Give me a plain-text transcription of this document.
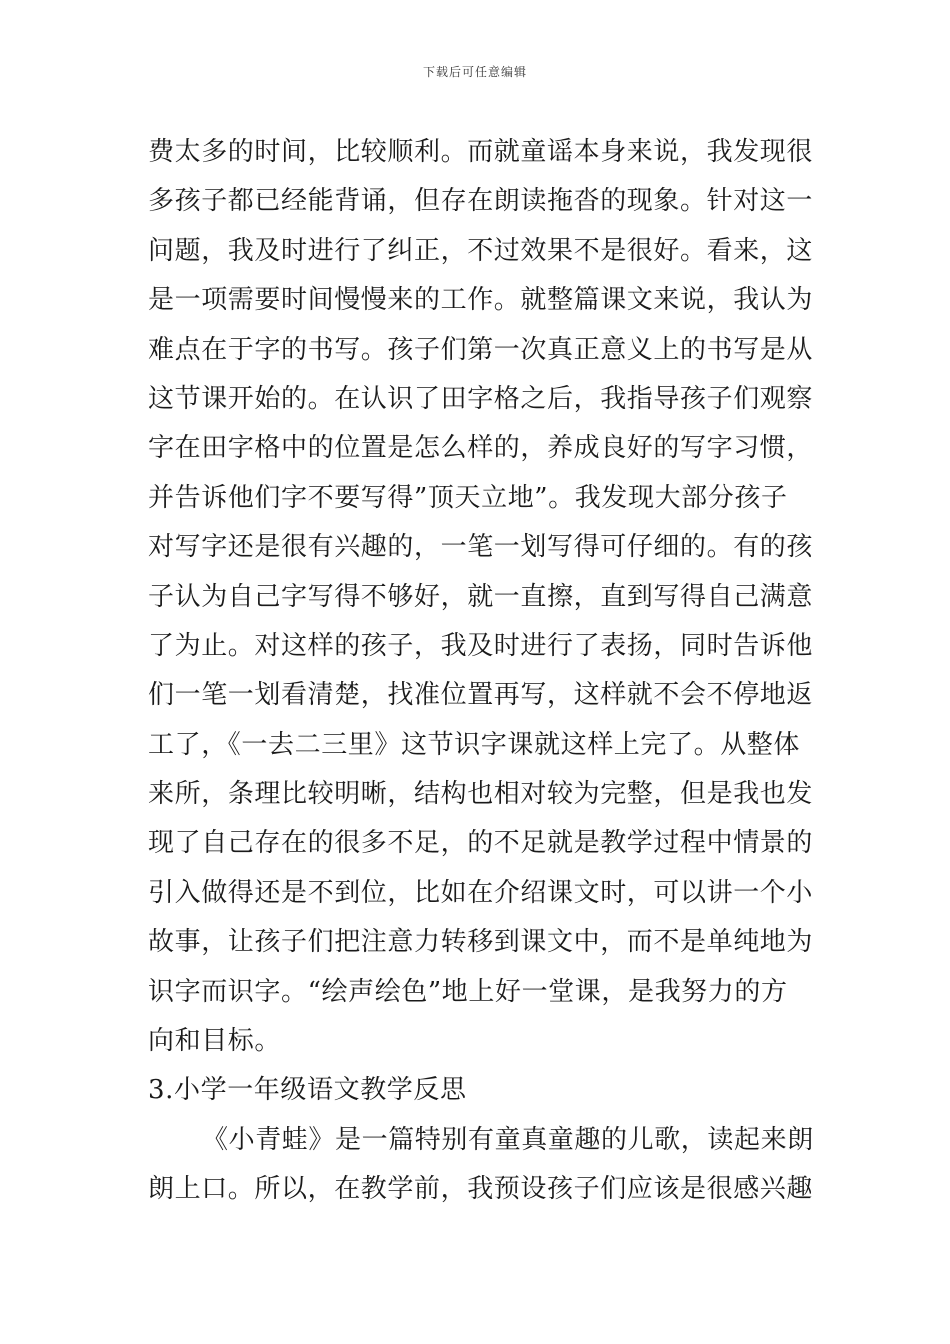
下载后可任意编辑
费太多的时间，比较顺利。而就童谣本身来说，我发现很
多孩子都已经能背诵，但存在朗读拖沓的现象。针对这一
问题，我及时进行了纠正，不过效果不是很好。看来，这
是一项需要时间慢慢来的工作。就整篇课文来说，我认为
难点在于字的书写。孩子们第一次真正意义上的书写是从
这节课开始的。在认识了田字格之后，我指导孩子们观察
字在田字格中的位置是怎么样的，养成良好的写字习惯，
并告诉他们字不要写得”顶天立地”。我发现大部分孩子
对写字还是很有兴趣的，一笔一划写得可仔细的。有的孩
子认为自己字写得不够好，就一直擦，直到写得自己满意
了为止。对这样的孩子，我及时进行了表扬，同时告诉他
们一笔一划看清楚，找准位置再写，这样就不会不停地返
工了，《一去二三里》这节识字课就这样上完了。从整体
来所，条理比较明晰，结构也相对较为完整，但是我也发
现了自己存在的很多不足，的不足就是教学过程中情景的
引入做得还是不到位，比如在介绍课文时，可以讲一个小
故事，让孩子们把注意力转移到课文中，而不是单纯地为
识字而识字。“绘声绘色”地上好一堂课，是我努力的方
向和目标。
3.小学一年级语文教学反思
《小青蛙》是一篇特别有童真童趣的儿歌，读起来朗
朗上口。所以，在教学前，我预设孩子们应该是很感兴趣
